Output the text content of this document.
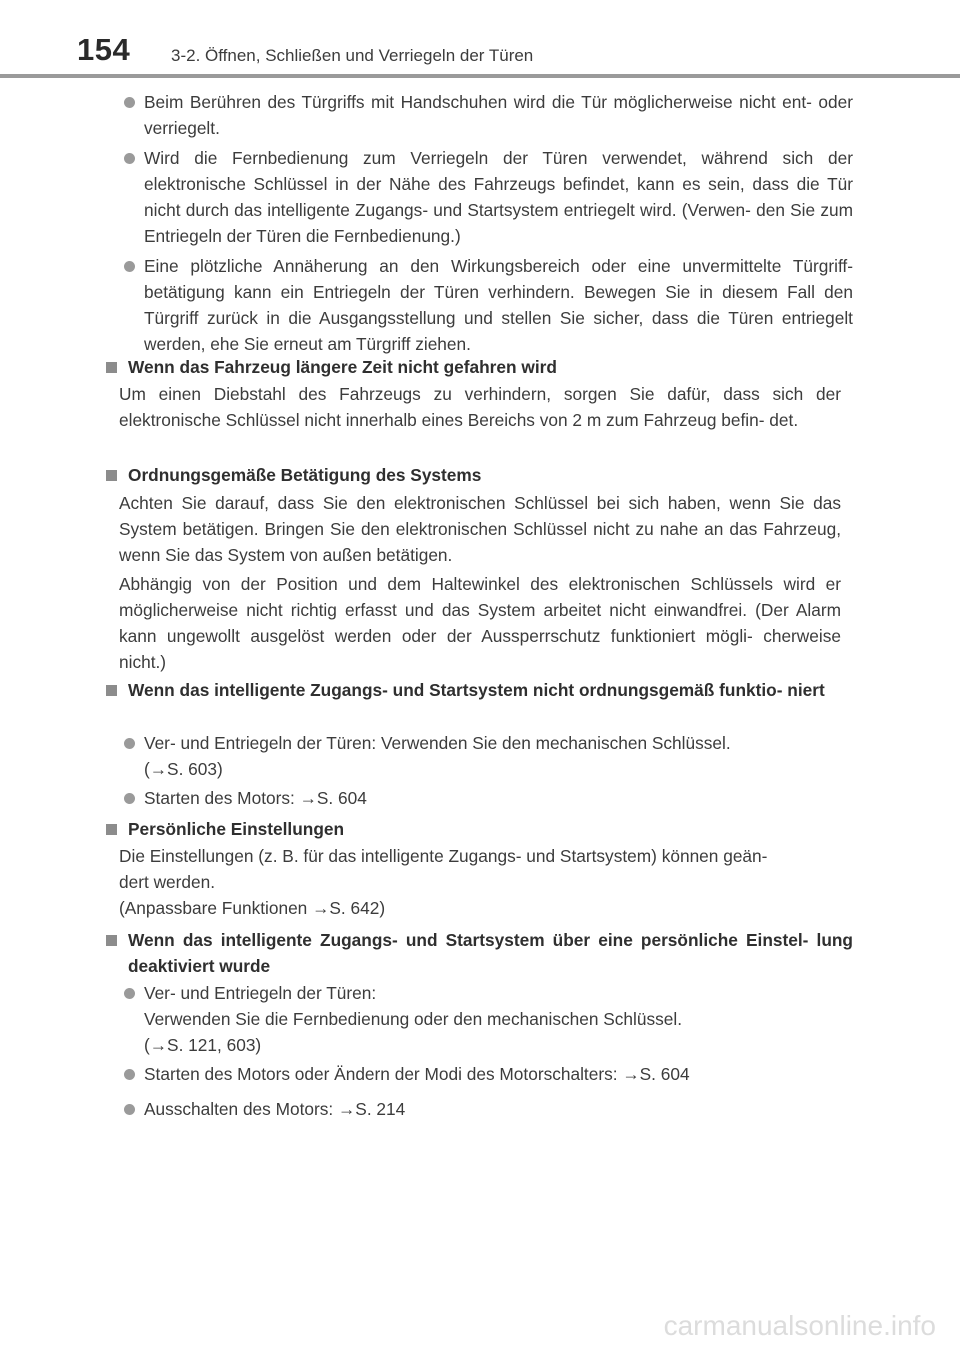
154 3-2. Öffnen, Schließen und Verriegeln der Türen

Beim Berühren des Türgriffs mit Handschuhen wird die Tür möglicherweise nicht ent- oder verriegelt.

Wird die Fernbedienung zum Verriegeln der Türen verwendet, während sich der elektronische Schlüssel in der Nähe des Fahrzeugs befindet, kann es sein, dass die Tür nicht durch das intelligente Zugangs- und Startsystem entriegelt wird. (Verwen- den Sie zum Entriegeln der Türen die Fernbedienung.)

Eine plötzliche Annäherung an den Wirkungsbereich oder eine unvermittelte Türgriff- betätigung kann ein Entriegeln der Türen verhindern. Bewegen Sie in diesem Fall den Türgriff zurück in die Ausgangsstellung und stellen Sie sicher, dass die Türen entriegelt werden, ehe Sie erneut am Türgriff ziehen.

Wenn das Fahrzeug längere Zeit nicht gefahren wird

Um einen Diebstahl des Fahrzeugs zu verhindern, sorgen Sie dafür, dass sich der elektronische Schlüssel nicht innerhalb eines Bereichs von 2 m zum Fahrzeug befin- det.

Ordnungsgemäße Betätigung des Systems

Achten Sie darauf, dass Sie den elektronischen Schlüssel bei sich haben, wenn Sie das System betätigen. Bringen Sie den elektronischen Schlüssel nicht zu nahe an das Fahrzeug, wenn Sie das System von außen betätigen.

Abhängig von der Position und dem Haltewinkel des elektronischen Schlüssels wird er möglicherweise nicht richtig erfasst und das System arbeitet nicht einwandfrei. (Der Alarm kann ungewollt ausgelöst werden oder der Aussperrschutz funktioniert mögli- cherweise nicht.)

Wenn das intelligente Zugangs- und Startsystem nicht ordnungsgemäß funktio- niert

Ver- und Entriegeln der Türen: Verwenden Sie den mechanischen Schlüssel.

(→S. 603)

Starten des Motors: →S. 604

Persönliche Einstellungen

Die Einstellungen (z. B. für das intelligente Zugangs- und Startsystem) können geän-

dert werden.

(Anpassbare Funktionen →S. 642)

Wenn das intelligente Zugangs- und Startsystem über eine persönliche Einstel- lung deaktiviert wurde

Ver- und Entriegeln der Türen:

Verwenden Sie die Fernbedienung oder den mechanischen Schlüssel.

(→S. 121, 603)

Starten des Motors oder Ändern der Modi des Motorschalters: →S. 604

Ausschalten des Motors: →S. 214

carmanualsonline.info
